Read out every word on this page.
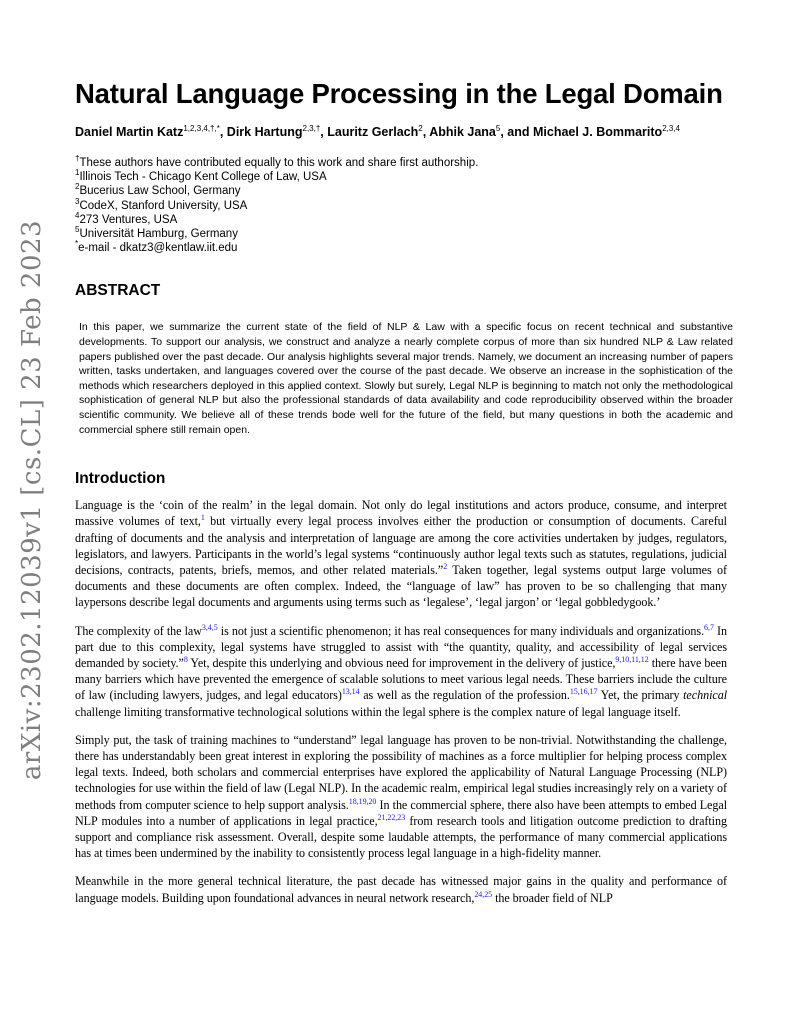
arXiv:2302.12039v1 [cs.CL] 23 Feb 2023
Natural Language Processing in the Legal Domain
Daniel Martin Katz$^{1,2,3,4,\dagger,*}$, Dirk Hartung$^{2,3,\dagger}$, Lauritz Gerlach$^2$, Abhik Jana$^5$, and Michael J. Bommarito$^{2,3,4}$
†These authors have contributed equally to this work and share first authorship.
$^1$Illinois Tech - Chicago Kent College of Law, USA
$^2$Bucerius Law School, Germany
$^3$CodeX, Stanford University, USA
$^4$273 Ventures, USA
$^5$Universität Hamburg, Germany
*e-mail - dkatz3@kentlaw.iit.edu
ABSTRACT
In this paper, we summarize the current state of the field of NLP & Law with a specific focus on recent technical and substantive developments. To support our analysis, we construct and analyze a nearly complete corpus of more than six hundred NLP & Law related papers published over the past decade. Our analysis highlights several major trends. Namely, we document an increasing number of papers written, tasks undertaken, and languages covered over the course of the past decade. We observe an increase in the sophistication of the methods which researchers deployed in this applied context. Slowly but surely, Legal NLP is beginning to match not only the methodological sophistication of general NLP but also the professional standards of data availability and code reproducibility observed within the broader scientific community. We believe all of these trends bode well for the future of the field, but many questions in both the academic and commercial sphere still remain open.
Introduction

Language is the ‘coin of the realm’ in the legal domain. Not only do legal institutions and actors produce, consume, and interpret massive volumes of text,$^1$ but virtually every legal process involves either the production or consumption of documents. Careful drafting of documents and the analysis and interpretation of language are among the core activities undertaken by judges, regulators, legislators, and lawyers. Participants in the world’s legal systems “continuously author legal texts such as statutes, regulations, judicial decisions, contracts, patents, briefs, memos, and other related materials.”$^2$ Taken together, legal systems output large volumes of documents and these documents are often complex. Indeed, the “language of law” has proven to be so challenging that many laypersons describe legal documents and arguments using terms such as ‘legalese’, ‘legal jargon’ or ‘legal gobbledygook.’

The complexity of the law$^{3,4,5}$ is not just a scientific phenomenon; it has real consequences for many individuals and organizations.$^{6,7}$ In part due to this complexity, legal systems have struggled to assist with “the quantity, quality, and accessibility of legal services demanded by society.”$^8$ Yet, despite this underlying and obvious need for improvement in the delivery of justice,$^{9,10,11,12}$ there have been many barriers which have prevented the emergence of scalable solutions to meet various legal needs. These barriers include the culture of law (including lawyers, judges, and legal educators)$^{13,14}$ as well as the regulation of the profession.$^{15,16,17}$ Yet, the primary technical challenge limiting transformative technological solutions within the legal sphere is the complex nature of legal language itself.

Simply put, the task of training machines to “understand” legal language has proven to be non-trivial. Notwithstanding the challenge, there has understandably been great interest in exploring the possibility of machines as a force multiplier for helping process complex legal texts. Indeed, both scholars and commercial enterprises have explored the applicability of Natural Language Processing (NLP) technologies for use within the field of law (Legal NLP). In the academic realm, empirical legal studies increasingly rely on a variety of methods from computer science to help support analysis.$^{18,19,20}$ In the commercial sphere, there also have been attempts to embed Legal NLP modules into a number of applications in legal practice,$^{21,22,23}$ from research tools and litigation outcome prediction to drafting support and compliance risk assessment. Overall, despite some laudable attempts, the performance of many commercial applications has at times been undermined by the inability to consistently process legal language in a high-fidelity manner.

Meanwhile in the more general technical literature, the past decade has witnessed major gains in the quality and performance of language models. Building upon foundational advances in neural network research,$^{24,25}$ the broader field of NLP
